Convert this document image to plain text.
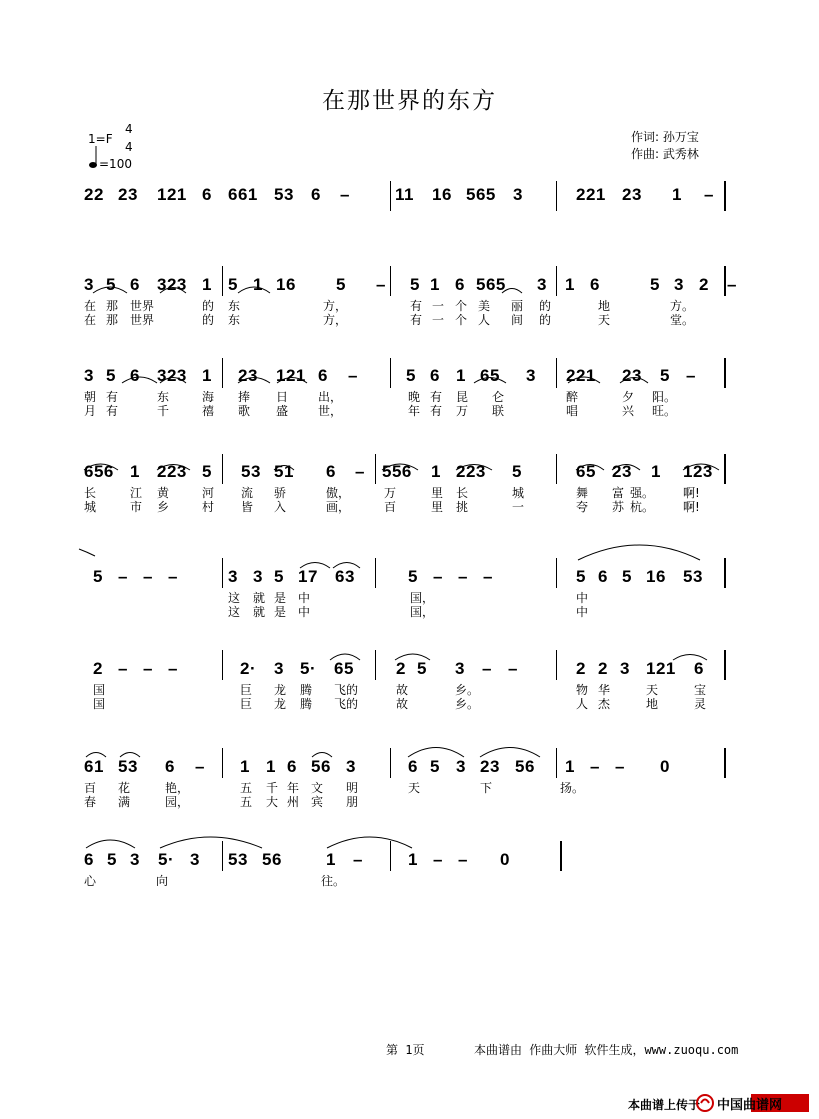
在那世界的东方
1=F
4
4
=100
作词: 孙万宝
作曲: 武秀林
22 23 121 6 661 53 6 –	11 16 565 3	221 23 1 –
3 5 6 323 1 5 1 16 5 – 5 1 6 565 3 1 6	5 3 2 –
在 那 世界	的 东	方，	有 一 个 美 丽 的	地	方。
在 那 世界	的 东	方，	有 一 个 人 间 的	天	堂。
3 5 6 323 1 23 121 6 –	5 6 1 65 3 221 23 5 –
朝 有	东	海 捧 日 出，	晚 有 昆 仑	醉	夕 阳。
月 有	千	禧 歌 盛 世，	年 有 万 联	唱	兴 旺。
656 1 223 5 53 51 6 – 556 1 223 5	65 23 1 123
长	江 黄	河 流 骄	傲，	万	里 长	城	舞 富 强。 啊!
城	市 乡	村 皆 入	画，	百	里 挑	一	夸 苏 杭。 啊!
5 – – –	3 3 5 17 63	5 – – –	5 6 5 16 53
这 就 是 中	国，	中
这 就 是 中	国，	中
2 – – –	2· 3 5· 65 2 5 3 – –	2 2 3 121 6
国	巨 龙 腾 飞的	故	乡。	物 华	天	宝
国	巨 龙 腾 飞的	故	乡。	人 杰	地	灵
61 53 6 – 1 1 6 56 3	6 5 3 23 56 1 – – 0
百 花	艳，	五 千 年 文 明	天	下	扬。
春 满	园，	五 大 州 宾 朋
6 5 3 5· 3 53 56	1 –	1 – – 0
心	向	往。
第 1页	本曲谱由 作曲大师 软件生成，www.zuoqu.com
本曲谱上传于 中国曲谱网
